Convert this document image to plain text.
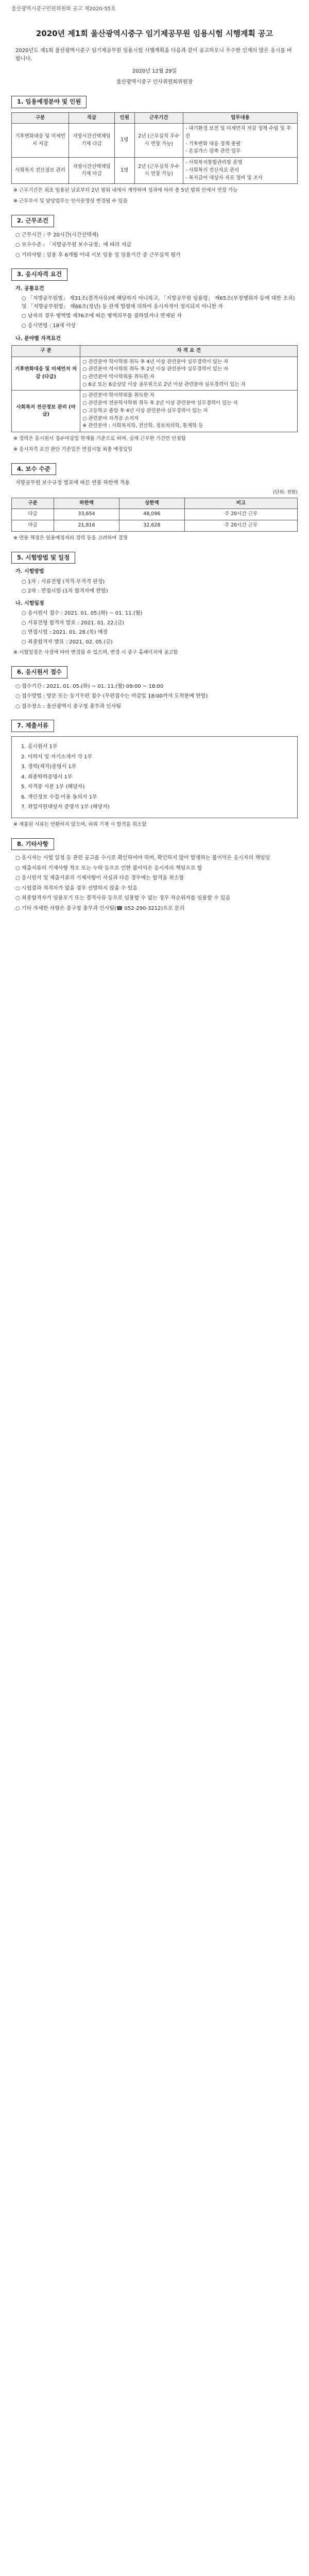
울산광역시중구민원위원회 공고 제2020-55호
2020년 제1회 울산광역시중구 임기제공무원 임용시험 시행계획 공고
2020년도 제1회 울산광역시중구 임기제공무원 임용시험 시행계획을 다음과 같이 공고하오니 우수한 인재의 많은 응시를 바랍니다.
2020년 12월 29일
울산광역시중구 인사위원회위원장
1. 임용예정분야 및 인원
구분	직급	인원	근무기간	업무내용
기후변화대응 및 미세먼지 저감	지방시간선택제임기제 다급	1명	2년 (근무실적 우수시 연장 가능)	- 대기환경 보전 및 미세먼지 저감 정책 수립 및 추진
- 기후변화 대응 정책 총괄
- 온실가스 감축 관련 업무
사회복지 전산정보 관리	지방시간선택제임기제 마급	1명	2년 (근무실적 우수시 연장 가능)	- 사회복지통합관리망 운영
- 사회복지 전산자료 관리
- 복지급여 대상자 자료 정비 및 조사
※ 근무기간은 최초 임용된 날로부터 2년 범위 내에서 계약하며 성과에 따라 총 5년 범위 안에서 연장 가능
※ 근무부서 및 담당업무는 인사운영상 변경될 수 있음
2. 근무조건
○ 근무시간 : 주 20시간(시간선택제)
○ 보수수준 : 「지방공무원 보수규정」에 따라 지급
○ 기타사항 : 임용 후 6개월 이내 시보 임용 및 임용기간 중 근무실적 평가
3. 응시자격 요건
가. 공통요건
○ 「지방공무원법」 제31조(결격사유)에 해당하지 아니하고, 「지방공무원 임용령」 제65조(부정행위자 등에 대한 조치) 및 「지방공무원법」 제66조(정년) 등 관계 법령에 의하여 응시자격이 정지되지 아니한 자
○ 남자의 경우 병역법 제76조에 따른 병역의무를 필하였거나 면제된 자
○ 응시연령 : 18세 이상
나. 분야별 자격요건
구 분	자 격 요 건
기후변화대응 및 미세먼지 저감 (다급)	○ 관련분야 학사학위 취득 후 4년 이상 관련분야 실무경력이 있는 자
○ 관련분야 석사학위 취득 후 2년 이상 관련분야 실무경력이 있는 자
○ 관련분야 박사학위를 취득한 자
○ 6급 또는 6급상당 이상 공무원으로 2년 이상 관련분야 실무경력이 있는 자
사회복지 전산정보 관리 (마급)	○ 관련분야 학사학위를 취득한 자
○ 관련분야 전문학사학위 취득 후 2년 이상 관련분야 실무경력이 있는 자
○ 고등학교 졸업 후 4년 이상 관련분야 실무경력이 있는 자
○ 관련분야 자격증 소지자
※ 관련분야 : 사회복지학, 전산학, 정보처리학, 통계학 등
※ 경력은 응시원서 접수마감일 현재를 기준으로 하며, 실제 근무한 기간만 인정함
※ 응시자격 요건 판단 기준일은 면접시험 최종 예정일임
4. 보수 수준
지방공무원 보수규정 별표에 따른 연봉 하한액 적용
(단위: 천원)
구분	하한액	상한액	비고
다급	33,654	48,096	주 20시간 근무
마급	21,816	32,628	주 20시간 근무
※ 연봉 책정은 임용예정자의 경력 등을 고려하여 결정
5. 시험방법 및 일정
가. 시험방법
○ 1차 : 서류전형 (적격·부적격 판정)
○ 2차 : 면접시험 (1차 합격자에 한함)
나. 시험일정
○ 응시원서 접수 : 2021. 01. 05.(화) ~ 01. 11.(월)
○ 서류전형 합격자 발표 : 2021. 01. 22.(금)
○ 면접시험 : 2021. 01. 28.(목) 예정
○ 최종합격자 발표 : 2021. 02. 05.(금)
※ 시험일정은 사정에 따라 변경될 수 있으며, 변경 시 중구 홈페이지에 공고함
6. 응시원서 접수
○ 접수기간 : 2021. 01. 05.(화) ~ 01. 11.(월) 09:00 ~ 18:00
○ 접수방법 : 방문 또는 등기우편 접수 (우편접수는 마감일 18:00까지 도착분에 한함)
○ 접수장소 : 울산광역시 중구청 총무과 인사팀
7. 제출서류
1. 응시원서 1부
2. 이력서 및 자기소개서 각 1부
3. 경력(재직)증명서 1부
4. 최종학력증명서 1부
5. 자격증 사본 1부 (해당자)
6. 개인정보 수집·이용 동의서 1부
7. 취업지원대상자 증명서 1부 (해당자)
※ 제출된 서류는 반환하지 않으며, 허위 기재 시 합격을 취소함
8. 기타사항
○ 응시자는 시험 일정 등 관련 공고를 수시로 확인하여야 하며, 확인하지 않아 발생하는 불이익은 응시자의 책임임
○ 제출서류의 기재사항 착오 또는 누락 등으로 인한 불이익은 응시자의 책임으로 함
○ 응시원서 및 제출서류의 기재사항이 사실과 다른 경우에는 합격을 취소함
○ 시험결과 적격자가 없을 경우 선발하지 않을 수 있음
○ 최종합격자가 임용포기 또는 결격사유 등으로 임용할 수 없는 경우 차순위자를 임용할 수 있음
○ 기타 자세한 사항은 중구청 총무과 인사팀(☎ 052-290-3212)으로 문의
